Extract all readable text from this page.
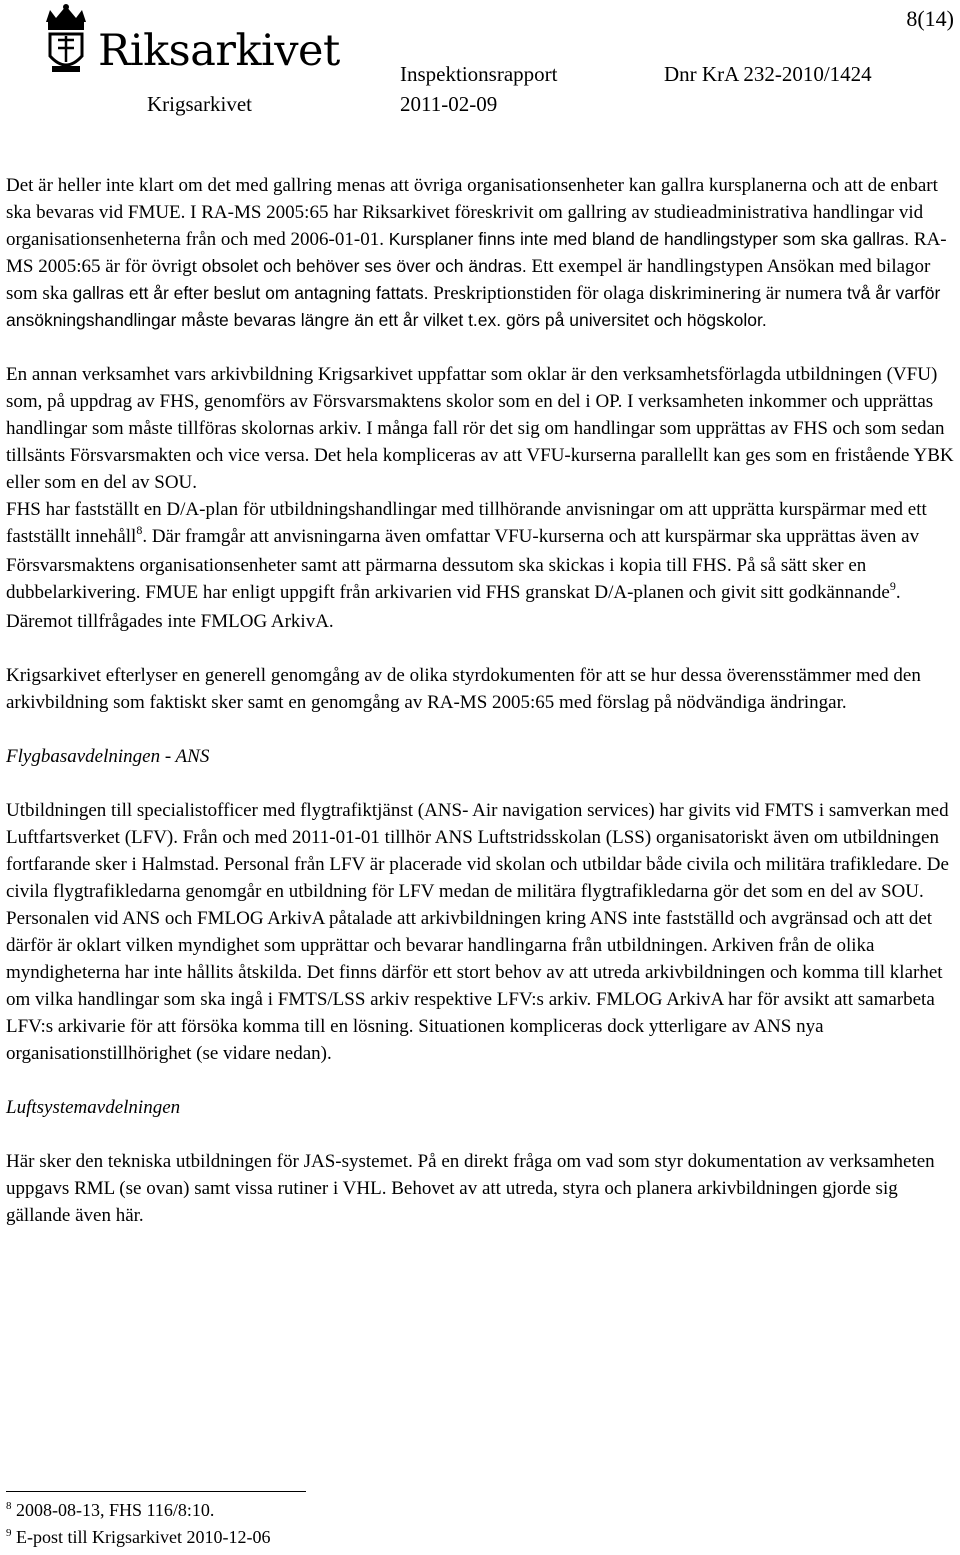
Riksarkivet
8(14)
Inspektionsrapport	Dnr KrA 232-2010/1424
Krigsarkivet	2011-02-09

Det är heller inte klart om det med gallring menas att övriga organisationsenheter kan gallra kursplanerna och att de enbart ska bevaras vid FMUE. I RA-MS 2005:65 har Riksarkivet föreskrivit om gallring av studieadministrativa handlingar vid organisationsenheterna från och med 2006-01-01. Kursplaner finns inte med bland de handlingstyper som ska gallras. RA-MS 2005:65 är för övrigt obsolet och behöver ses över och ändras. Ett exempel är handlingstypen Ansökan med bilagor som ska gallras ett år efter beslut om antagning fattats. Preskriptionstiden för olaga diskriminering är numera två år varför ansökningshandlingar måste bevaras längre än ett år vilket t.ex. görs på universitet och högskolor.

En annan verksamhet vars arkivbildning Krigsarkivet uppfattar som oklar är den verksamhetsförlagda utbildningen (VFU) som, på uppdrag av FHS, genomförs av Försvarsmaktens skolor som en del i OP. I verksamheten inkommer och upprättas handlingar som måste tillföras skolornas arkiv. I många fall rör det sig om handlingar som upprättas av FHS och som sedan tillsänts Försvarsmakten och vice versa. Det hela kompliceras av att VFU-kurserna parallellt kan ges som en fristående YBK eller som en del av SOU.

FHS har fastställt en D/A-plan för utbildningshandlingar med tillhörande anvisningar om att upprätta kurspärmar med ett fastställt innehåll$^8$. Där framgår att anvisningarna även omfattar VFU-kurserna och att kurspärmar ska upprättas även av Försvarsmaktens organisationsenheter samt att pärmarna dessutom ska skickas i kopia till FHS. På så sätt sker en dubbelarkivering. FMUE har enligt uppgift från arkivarien vid FHS granskat D/A-planen och givit sitt godkännande$^9$. Däremot tillfrågades inte FMLOG ArkivA.

Krigsarkivet efterlyser en generell genomgång av de olika styrdokumenten för att se hur dessa överensstämmer med den arkivbildning som faktiskt sker samt en genomgång av RA-MS 2005:65 med förslag på nödvändiga ändringar.

Flygbasavdelningen - ANS

Utbildningen till specialistofficer med flygtrafiktjänst (ANS- Air navigation services) har givits vid FMTS i samverkan med Luftfartsverket (LFV). Från och med 2011-01-01 tillhör ANS Luftstridsskolan (LSS) organisatoriskt även om utbildningen fortfarande sker i Halmstad. Personal från LFV är placerade vid skolan och utbildar både civila och militära trafikledare. De civila flygtrafikledarna genomgår en utbildning för LFV medan de militära flygtrafikledarna gör det som en del av SOU.

Personalen vid ANS och FMLOG ArkivA påtalade att arkivbildningen kring ANS inte fastställd och avgränsad och att det därför är oklart vilken myndighet som upprättar och bevarar handlingarna från utbildningen. Arkiven från de olika myndigheterna har inte hållits åtskilda. Det finns därför ett stort behov av att utreda arkivbildningen och komma till klarhet om vilka handlingar som ska ingå i FMTS/LSS arkiv respektive LFV:s arkiv. FMLOG ArkivA har för avsikt att samarbeta LFV:s arkivarie för att försöka komma till en lösning. Situationen kompliceras dock ytterligare av ANS nya organisationstillhörighet (se vidare nedan).

Luftsystemavdelningen

Här sker den tekniska utbildningen för JAS-systemet. På en direkt fråga om vad som styr dokumentation av verksamheten uppgavs RML (se ovan) samt vissa rutiner i VHL. Behovet av att utreda, styra och planera arkivbildningen gjorde sig gällande även här.

$^8$ 2008-08-13, FHS 116/8:10.
$^9$ E-post till Krigsarkivet 2010-12-06
